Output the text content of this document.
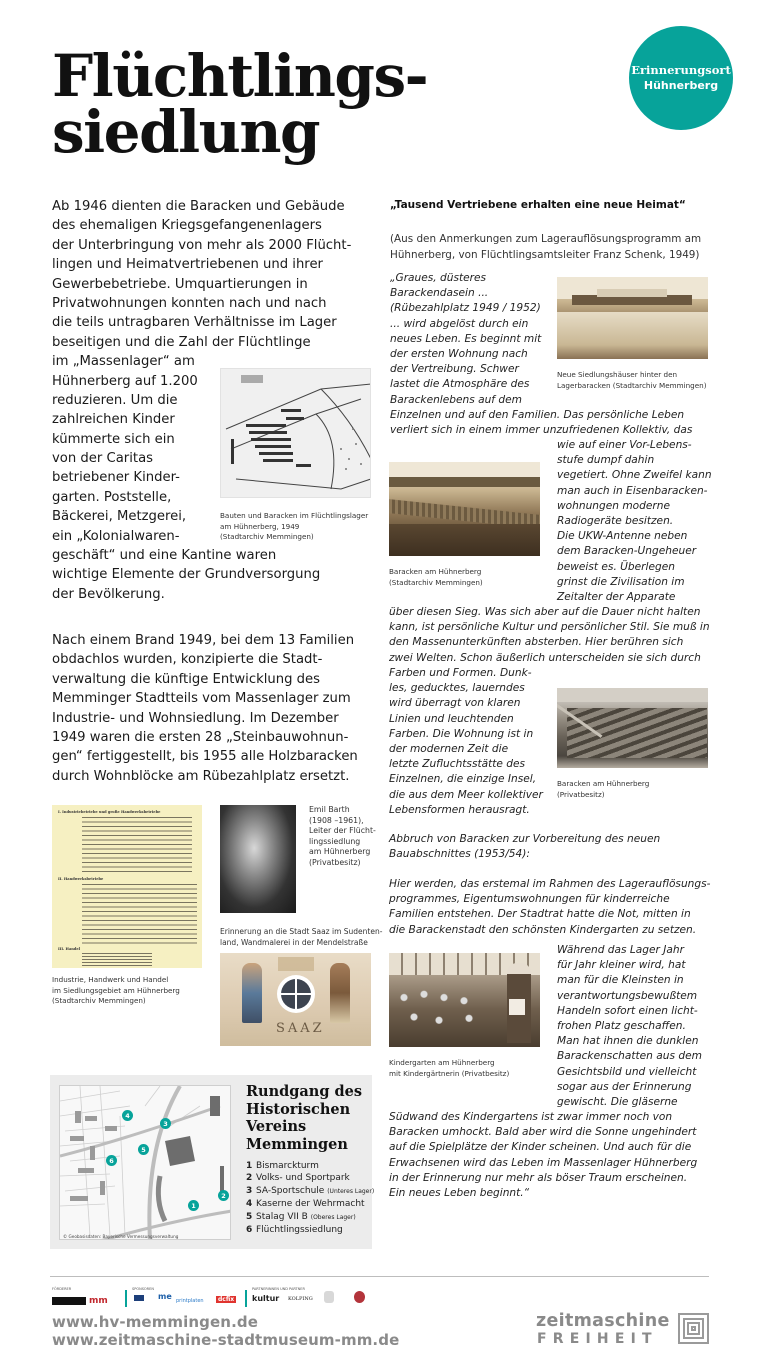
Flüchtlings-
siedlung
Erinnerungsort
Hühnerberg
Ab 1946 dienten die Baracken und Gebäude
des ehemaligen Kriegsgefangenenlagers
der Unterbringung von mehr als 2000 Flücht-
lingen und Heimatvertriebenen und ihrer
Gewerbebetriebe. Umquartierungen in
Privatwohnungen konnten nach und nach
die teils untragbaren Verhältnisse im Lager
beseitigen und die Zahl der Flüchtlinge
im „Massenlager“ am
Hühnerberg auf 1.200
reduzieren. Um die
zahlreichen Kinder
kümmerte sich ein
von der Caritas
betriebener Kinder-
garten. Poststelle,
Bäckerei, Metzgerei,
ein „Kolonialwaren-
geschäft“ und eine Kantine waren
wichtige Elemente der Grundversorgung
der Bevölkerung.
Bauten und Baracken im Flüchtlingslager
am Hühnerberg, 1949
(Stadtarchiv Memmingen)
Nach einem Brand 1949, bei dem 13 Familien
obdachlos wurden, konzipierte die Stadt-
verwaltung die künftige Entwicklung des
Memminger Stadtteils vom Massenlager zum
Industrie- und Wohnsiedlung. Im Dezember
1949 waren die ersten 28 „Steinbauwohnun-
gen“ fertiggestellt, bis 1955 alle Holzbaracken
durch Wohnblöcke am Rübezahlplatz ersetzt.
I. Industriebetriebe und große Handwerksbetriebe
II. Handwerksbetriebe
III. Handel
Industrie, Handwerk und Handel
im Siedlungsgebiet am Hühnerberg
(Stadtarchiv Memmingen)
Emil Barth
(1908 –1961),
Leiter der Flücht-
lingssiedlung
am Hühnerberg
(Privatbesitz)
Erinnerung an die Stadt Saaz im Sudenten-
land, Wandmalerei in der Mendelstraße
SAAZ
© Geobasisdaten: Bayerische Vermessungsverwaltung
4
3
5
6
1
2
Rundgang des
Historischen
Vereins
Memmingen
1 Bismarckturm
2 Volks- und Sportpark
3 SA-Sportschule (Unteres Lager)
4 Kaserne der Wehrmacht
5 Stalag VII B (Oberes Lager)
6 Flüchtlingssiedlung
„Tausend Vertriebene erhalten eine neue Heimat“
(Aus den Anmerkungen zum Lagerauflösungsprogramm am
Hühnerberg, von Flüchtlingsamtsleiter Franz Schenk, 1949)
„Graues, düsteres
Barackendasein ...
(Rübezahlplatz 1949 / 1952)
... wird abgelöst durch ein
neues Leben. Es beginnt mit
der ersten Wohnung nach
der Vertreibung. Schwer
lastet die Atmosphäre des
Barackenlebens auf dem
Einzelnen und auf den Familien. Das persönliche Leben
verliert sich in einem immer unzufriedenen Kollektiv, das
Neue Siedlungshäuser hinter den
Lagerbaracken (Stadtarchiv Memmingen)
wie auf einer Vor-Lebens-
stufe dumpf dahin
vegetiert. Ohne Zweifel kann
man auch in Eisenbaracken-
wohnungen moderne
Radiogeräte besitzen.
Die UKW-Antenne neben
dem Baracken-Ungeheuer
beweist es. Überlegen
grinst die Zivilisation im
Zeitalter der Apparate
Baracken am Hühnerberg
(Stadtarchiv Memmingen)
über diesen Sieg. Was sich aber auf die Dauer nicht halten
kann, ist persönliche Kultur und persönlicher Stil. Sie muß in
den Massenunterkünften absterben. Hier berühren sich
zwei Welten. Schon äußerlich unterscheiden sie sich durch
Farben und Formen. Dunk-
les, geducktes, lauerndes
wird überragt von klaren
Linien und leuchtenden
Farben. Die Wohnung ist in
der modernen Zeit die
letzte Zufluchtsstätte des
Einzelnen, die einzige Insel,
die aus dem Meer kollektiver
Lebensformen herausragt.
Baracken am Hühnerberg
(Privatbesitz)
Abbruch von Baracken zur Vorbereitung des neuen
Bauabschnittes (1953/54):
Hier werden, das erstemal im Rahmen des Lagerauflösungs-
programmes, Eigentumswohnungen für kinderreiche
Familien entstehen. Der Stadtrat hatte die Not, mitten in
die Barackenstadt den schönsten Kindergarten zu setzen.
Kindergarten am Hühnerberg
mit Kindergärtnerin (Privatbesitz)
Während das Lager Jahr
für Jahr kleiner wird, hat
man für die Kleinsten in
verantwortungsbewußtem
Handeln sofort einen licht-
frohen Platz geschaffen.
Man hat ihnen die dunklen
Barackenschatten aus dem
Gesichtsbild und vielleicht
sogar aus der Erinnerung
gewischt. Die gläserne
Südwand des Kindergartens ist zwar immer noch von
Baracken umhockt. Bald aber wird die Sonne ungehindert
auf die Spielplätze der Kinder scheinen. Und auch für die
Erwachsenen wird das Leben im Massenlager Hühnerberg
in der Erinnerung nur mehr als böser Traum erscheinen.
Ein neues Leben beginnt.“
FÖRDERER
mm
SPONSOREN
me printplaten	dcfix
PARTNERINNEN UND PARTNER
kultur KOLPING
www.hv-memmingen.de
www.zeitmaschine-stadtmuseum-mm.de
zeitmaschine
FREIHEIT
